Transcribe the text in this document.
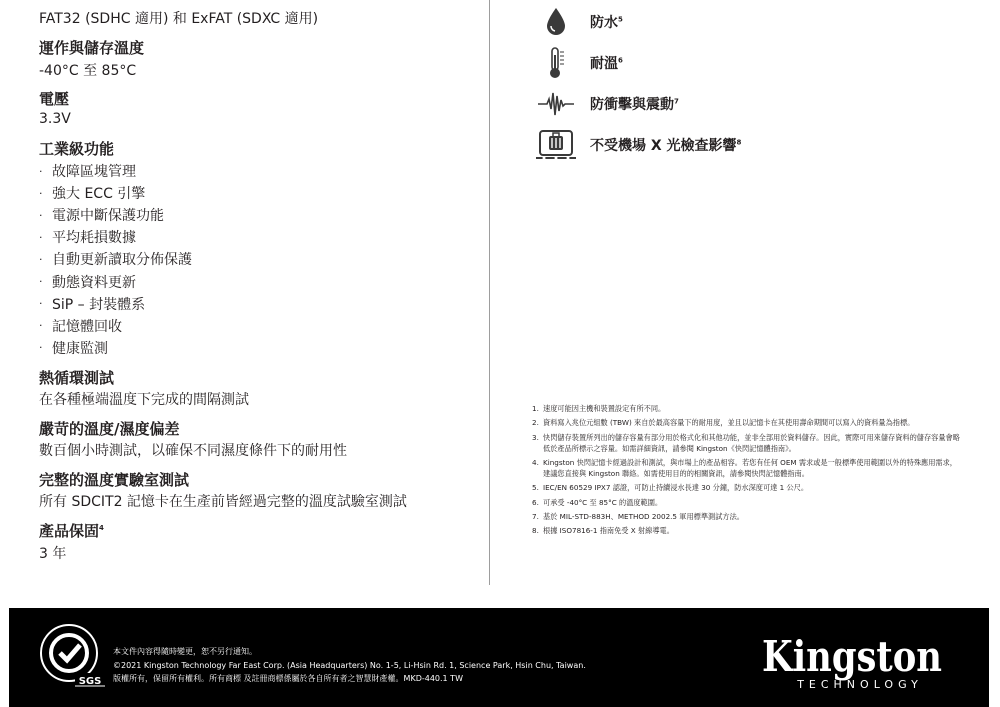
FAT32 (SDHC 適用) 和 ExFAT (SDXC 適用)
運作與儲存溫度
-40°C 至 85°C
電壓
3.3V
工業級功能
· 故障區塊管理
· 強大 ECC 引擎
· 電源中斷保護功能
· 平均耗損數據
· 自動更新讀取分佈保護
· 動態資料更新
· SiP – 封裝體系
· 記憶體回收
· 健康監測
熱循環測試
在各種極端溫度下完成的間隔測試
嚴苛的溫度/濕度偏差
數百個小時測試，以確保不同濕度條件下的耐用性
完整的溫度實驗室測試
所有 SDCIT2 記憶卡在生產前皆經過完整的溫度試驗室測試
產品保固$^4$
3 年
防水$^5$
耐溫$^6$
防衝擊與震動$^7$
不受機場 X 光檢查影響$^8$
1. 速度可能因主機和裝置設定有所不同。
2. 資料寫入兆位元組數 (TBW) 來自於最高容量下的耐用度，並且以記憶卡在其使用壽命期間可以寫入的資料量為指標。
3. 快閃儲存裝置所列出的儲存容量有部分用於格式化和其他功能，並非全部用於資料儲存。因此，實際可用來儲存資料的儲存容量會略低於產品所標示之容量。如需詳細資訊，請參閱 Kingston《快閃記憶體指南》。
4. Kingston 快閃記憶卡經過設計和測試，與市場上的產品相容。若您有任何 OEM 需求或是一般標準使用範圍以外的特殊應用需求，建議您直接與 Kingston 聯絡。如需使用目的的相關資訊，請參閱快閃記憶體指南。
5. IEC/EN 60529 IPX7 認證，可防止持續浸水長達 30 分鐘，防水深度可達 1 公尺。
6. 可承受 -40°C 至 85°C 的溫度範圍。
7. 基於 MIL-STD-883H、METHOD 2002.5 軍用標準測試方法。
8. 根據 ISO7816-1 指南免受 X 射線導電。
SGS
本文件內容得隨時變更，恕不另行通知。
©2021 Kingston Technology Far East Corp. (Asia Headquarters) No. 1-5, Li-Hsin Rd. 1, Science Park, Hsin Chu, Taiwan.
版權所有，保留所有權利。所有商標 及註冊商標係屬於各自所有者之智慧財產權。MKD-440.1 TW	Kingston
TECHNOLOGY
